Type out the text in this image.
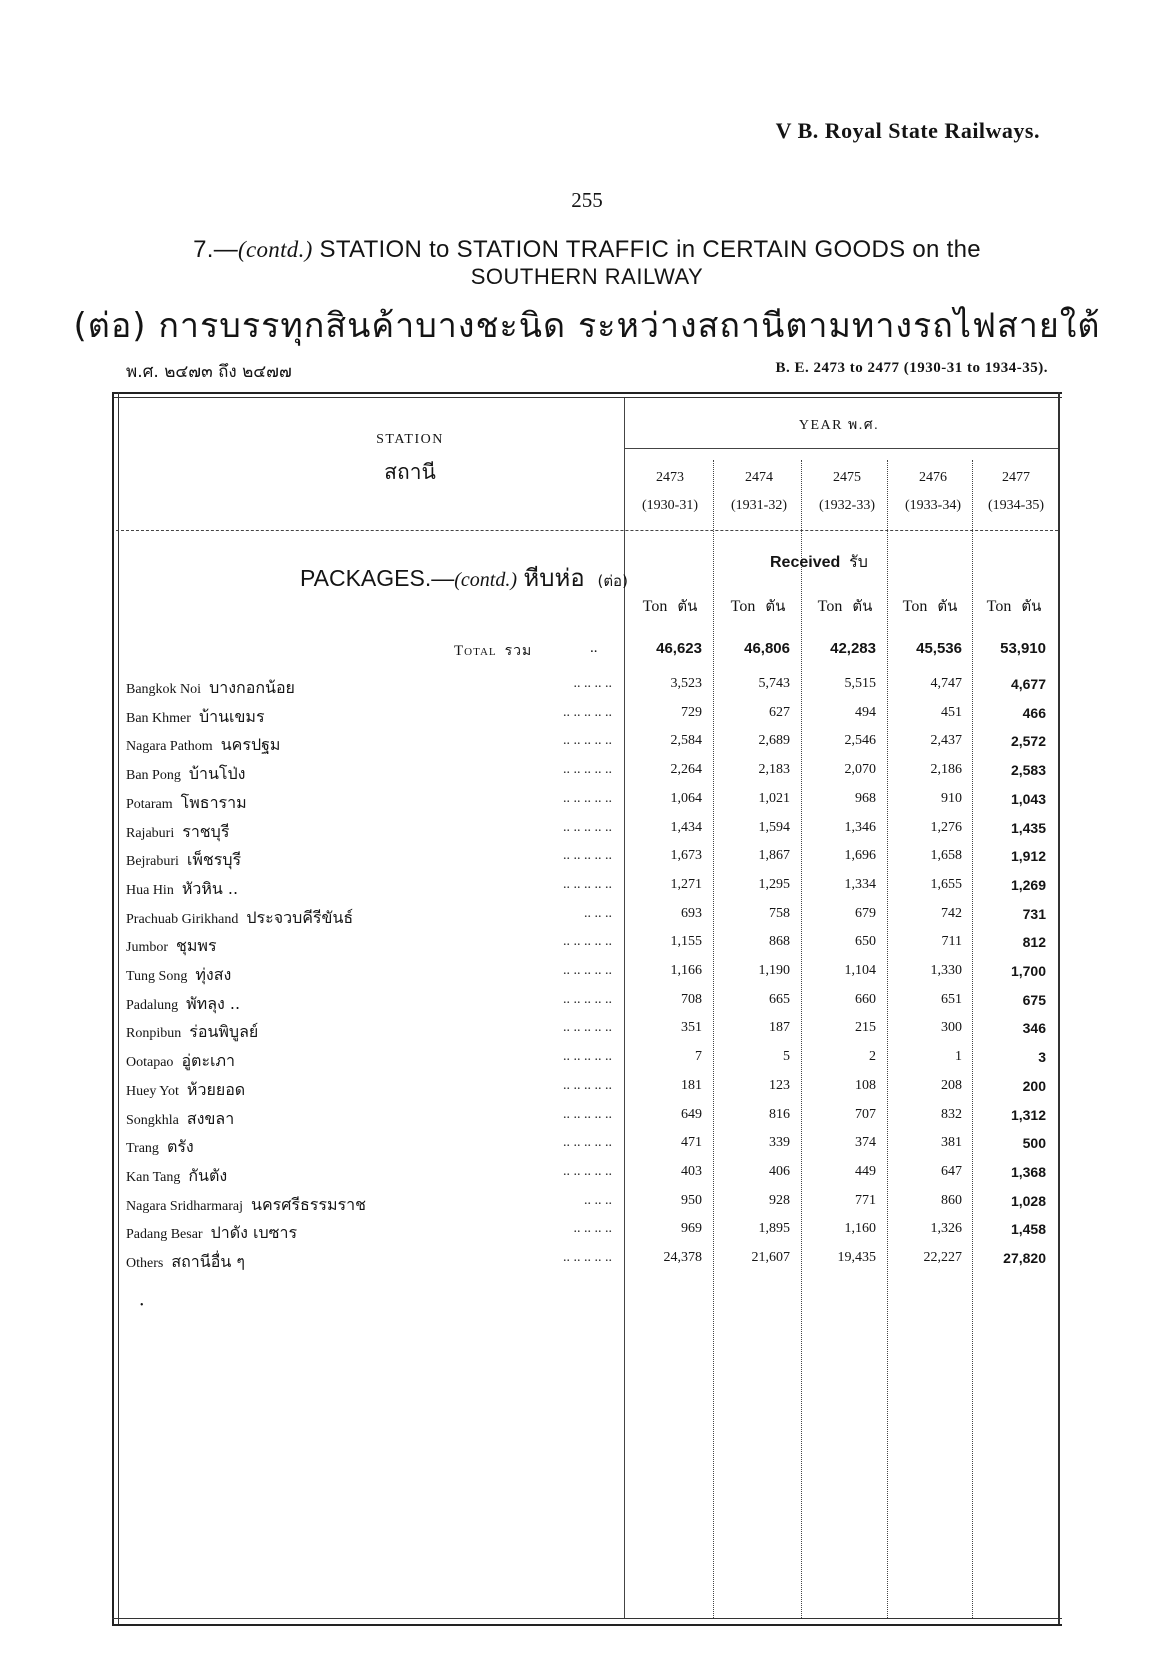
V B. Royal State Railways.
255
7.—(contd.) STATION to STATION TRAFFIC in CERTAIN GOODS on the
SOUTHERN RAILWAY
(ต่อ) การบรรทุกสินค้าบางชะนิด ระหว่างสถานีตามทางรถไฟสายใต้
พ.ศ. ๒๔๗๓ ถึง ๒๔๗๗	B. E. 2473 to 2477 (1930-31 to 1934-35).
STATION
สถานี
YEAR พ.ศ.
2473	2474	2475	2476	2477
(1930-31)	(1931-32)	(1932-33)	(1933-34)	(1934-35)
PACKAGES.—(contd.) หีบห่อ (ต่อ)
Received รับ
Ton ตัน	Ton ตัน	Ton ตัน	Ton ตัน	Ton ตัน
Total รวม	..	46,623	46,806	42,283	45,536	53,910
Bangkok Noi บางกอกน้อย	.. .. .. ..	3,523	5,743	5,515	4,747	4,677
Ban Khmer บ้านเขมร	.. .. .. .. ..	729	627	494	451	466
Nagara Pathom นครปฐม	.. .. .. .. ..	2,584	2,689	2,546	2,437	2,572
Ban Pong บ้านโป่ง	.. .. .. .. ..	2,264	2,183	2,070	2,186	2,583
Potaram โพธาราม	.. .. .. .. ..	1,064	1,021	968	910	1,043
Rajaburi ราชบุรี	.. .. .. .. ..	1,434	1,594	1,346	1,276	1,435
Bejraburi เพ็ชรบุรี	.. .. .. .. ..	1,673	1,867	1,696	1,658	1,912
Hua Hin หัวหิน ..	.. .. .. .. ..	1,271	1,295	1,334	1,655	1,269
Prachuab Girikhand ประจวบคีรีขันธ์	.. .. ..	693	758	679	742	731
Jumbor ชุมพร	.. .. .. .. ..	1,155	868	650	711	812
Tung Song ทุ่งสง	.. .. .. .. ..	1,166	1,190	1,104	1,330	1,700
Padalung พัทลุง ..	.. .. .. .. ..	708	665	660	651	675
Ronpibun ร่อนพิบูลย์	.. .. .. .. ..	351	187	215	300	346
Ootapao อู่ตะเภา	.. .. .. .. ..	7	5	2	1	3
Huey Yot ห้วยยอด	.. .. .. .. ..	181	123	108	208	200
Songkhla สงขลา	.. .. .. .. ..	649	816	707	832	1,312
Trang ตรัง	.. .. .. .. ..	471	339	374	381	500
Kan Tang กันตัง	.. .. .. .. ..	403	406	449	647	1,368
Nagara Sridharmaraj นครศรีธรรมราช	.. .. ..	950	928	771	860	1,028
Padang Besar ปาดัง เบซาร	.. .. .. ..	969	1,895	1,160	1,326	1,458
Others สถานีอื่น ๆ	.. .. .. .. ..	24,378	21,607	19,435	22,227	27,820
•
